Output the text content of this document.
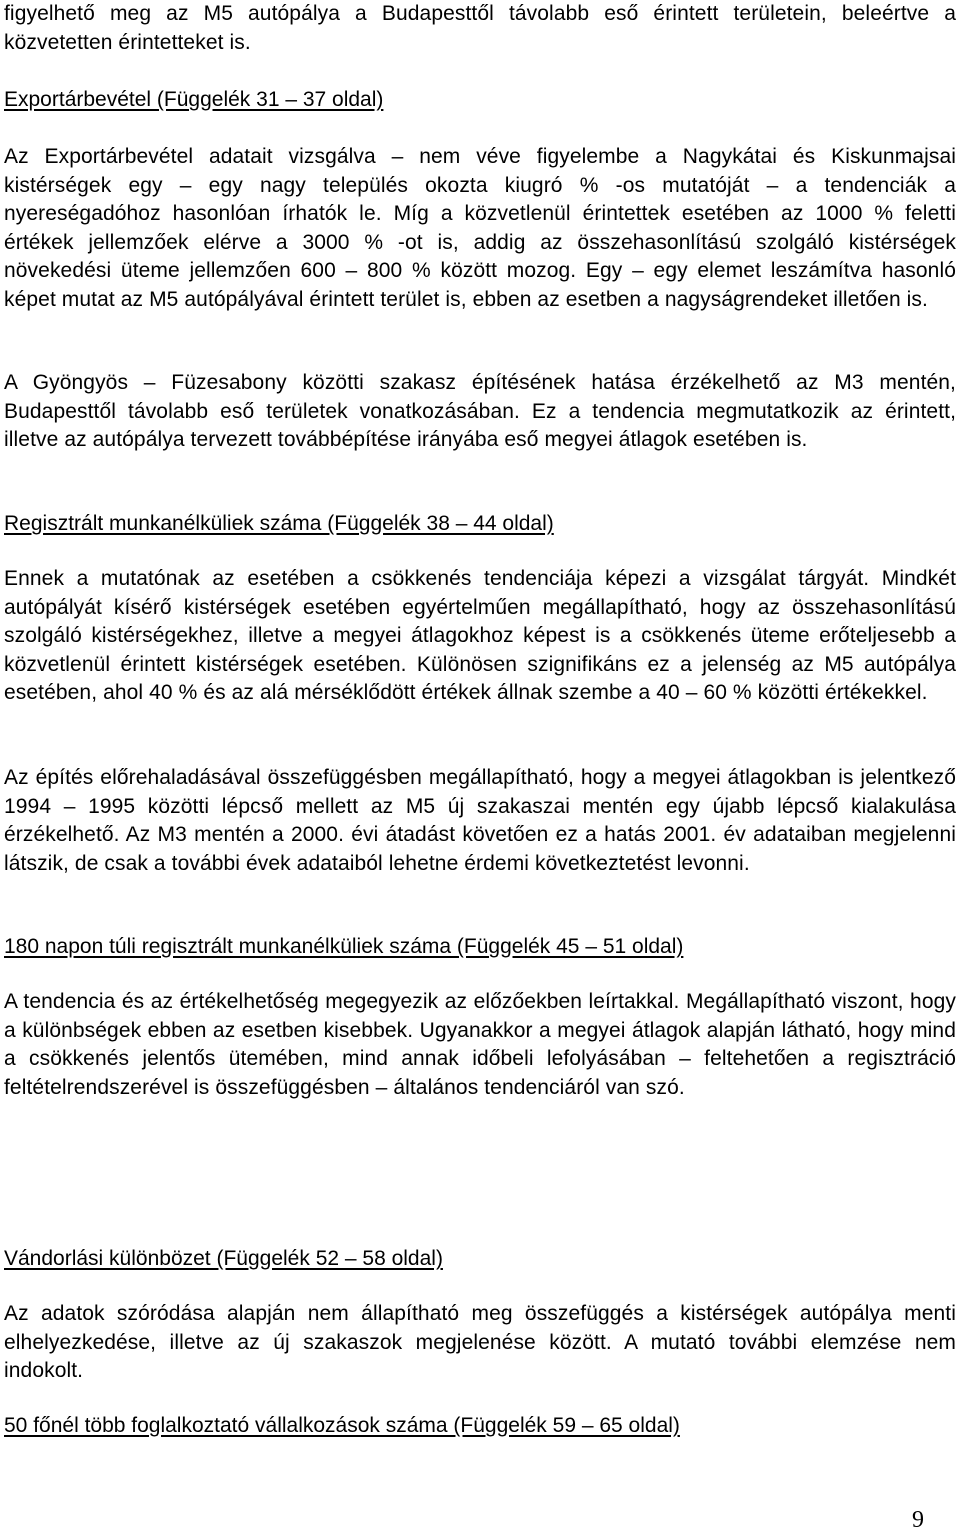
figyelhető meg az M5 autópálya a Budapesttől távolabb eső érintett területein, beleértve a közvetetten érintetteket is.

Exportárbevétel (Függelék 31 – 37 oldal)

Az Exportárbevétel adatait vizsgálva – nem véve figyelembe a Nagykátai és Kiskunmajsai kistérségek egy – egy nagy település okozta kiugró % -os mutatóját – a tendenciák a nyereségadóhoz hasonlóan írhatók le. Míg a közvetlenül érintettek esetében az 1000 % feletti értékek jellemzőek elérve a 3000 % -ot is, addig az összehasonlítású szolgáló kistérségek növekedési üteme jellemzően 600 – 800 % között mozog. Egy – egy elemet leszámítva hasonló képet mutat az M5 autópályával érintett terület is, ebben az esetben a nagyságrendeket illetően is.

A Gyöngyös – Füzesabony közötti szakasz építésének hatása érzékelhető az M3 mentén, Budapesttől távolabb eső területek vonatkozásában. Ez a tendencia megmutatkozik az érintett, illetve az autópálya tervezett továbbépítése irányába eső megyei átlagok esetében is.

Regisztrált munkanélküliek száma (Függelék 38 – 44 oldal)

Ennek a mutatónak az esetében a csökkenés tendenciája képezi a vizsgálat tárgyát. Mindkét autópályát kísérő kistérségek esetében egyértelműen megállapítható, hogy az összehasonlítású szolgáló kistérségekhez, illetve a megyei átlagokhoz képest is a csökkenés üteme erőteljesebb a közvetlenül érintett kistérségek esetében. Különösen szignifikáns ez a jelenség az M5 autópálya esetében, ahol 40 % és az alá mérséklődött értékek állnak szembe a 40 – 60 % közötti értékekkel.

Az építés előrehaladásával összefüggésben megállapítható, hogy a megyei átlagokban is jelentkező 1994 – 1995 közötti lépcső mellett az M5 új szakaszai mentén egy újabb lépcső kialakulása érzékelhető. Az M3 mentén a 2000. évi átadást követően ez a hatás 2001. év adataiban megjelenni látszik, de csak a további évek adataiból lehetne érdemi következtetést levonni.

180 napon túli regisztrált munkanélküliek száma (Függelék 45 – 51 oldal)

A tendencia és az értékelhetőség megegyezik az előzőekben leírtakkal. Megállapítható viszont, hogy a különbségek ebben az esetben kisebbek. Ugyanakkor a megyei átlagok alapján látható, hogy mind a csökkenés jelentős ütemében, mind annak időbeli lefolyásában – feltehetően a regisztráció feltételrendszerével is összefüggésben – általános tendenciáról van szó.

Vándorlási különbözet (Függelék 52 – 58 oldal)

Az adatok szóródása alapján nem állapítható meg összefüggés a kistérségek autópálya menti elhelyezkedése, illetve az új szakaszok megjelenése között. A mutató további elemzése nem indokolt.

50 főnél több foglalkoztató vállalkozások száma (Függelék 59 – 65 oldal)

9
